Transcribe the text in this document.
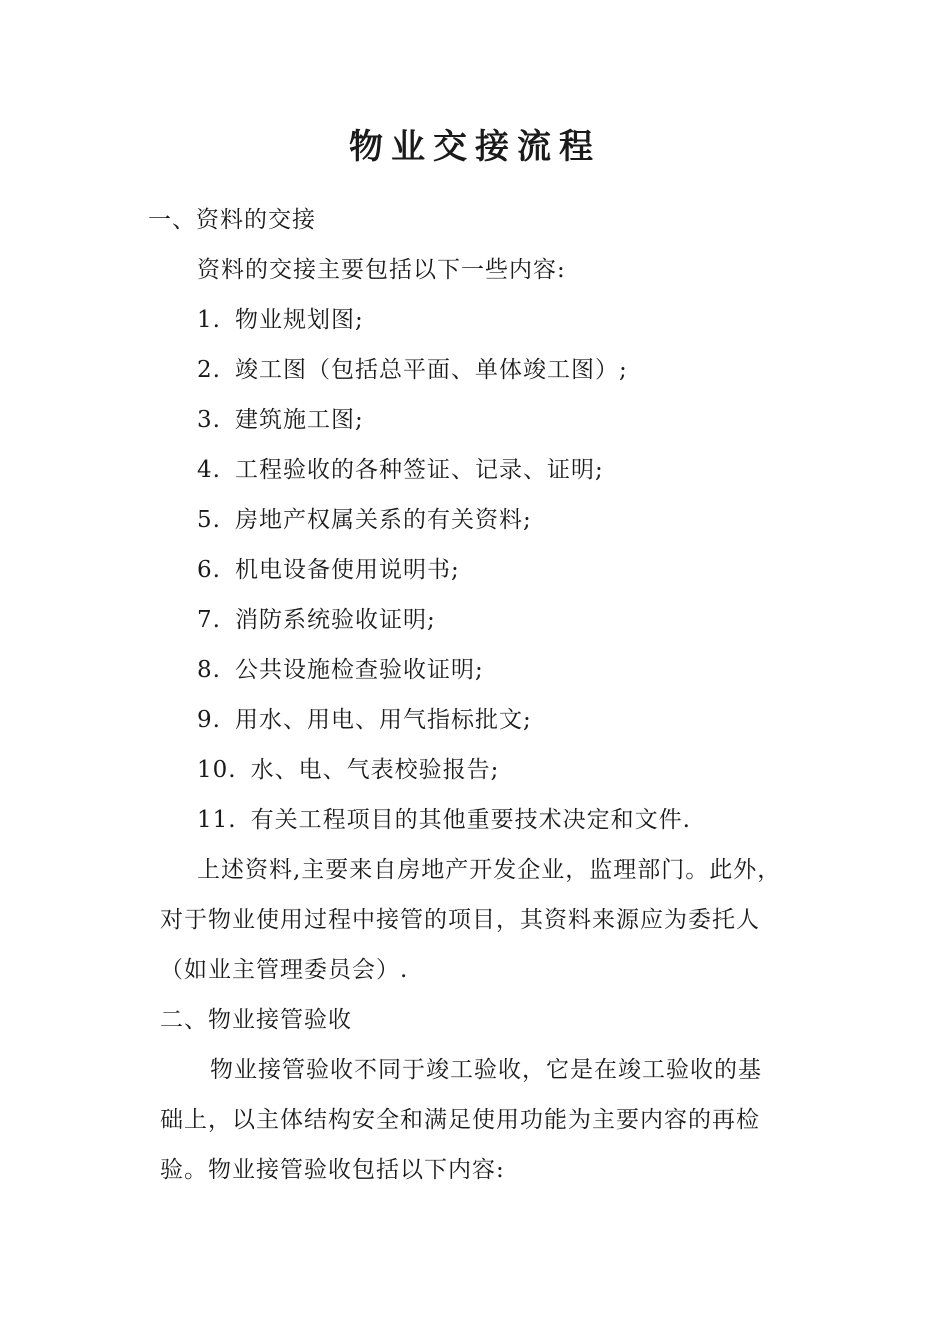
物业交接流程
一、资料的交接
资料的交接主要包括以下一些内容:
1. 物业规划图;
2. 竣工图（包括总平面、单体竣工图）;
3. 建筑施工图;
4. 工程验收的各种签证、记录、证明;
5. 房地产权属关系的有关资料;
6. 机电设备使用说明书;
7. 消防系统验收证明;
8. 公共设施检查验收证明;
9. 用水、用电、用气指标批文;
10. 水、电、气表校验报告;
11. 有关工程项目的其他重要技术决定和文件.
上述资料,主要来自房地产开发企业，监理部门。此外，
对于物业使用过程中接管的项目，其资料来源应为委托人
（如业主管理委员会）.
二、物业接管验收
物业接管验收不同于竣工验收，它是在竣工验收的基
础上，以主体结构安全和满足使用功能为主要内容的再检
验。物业接管验收包括以下内容:
